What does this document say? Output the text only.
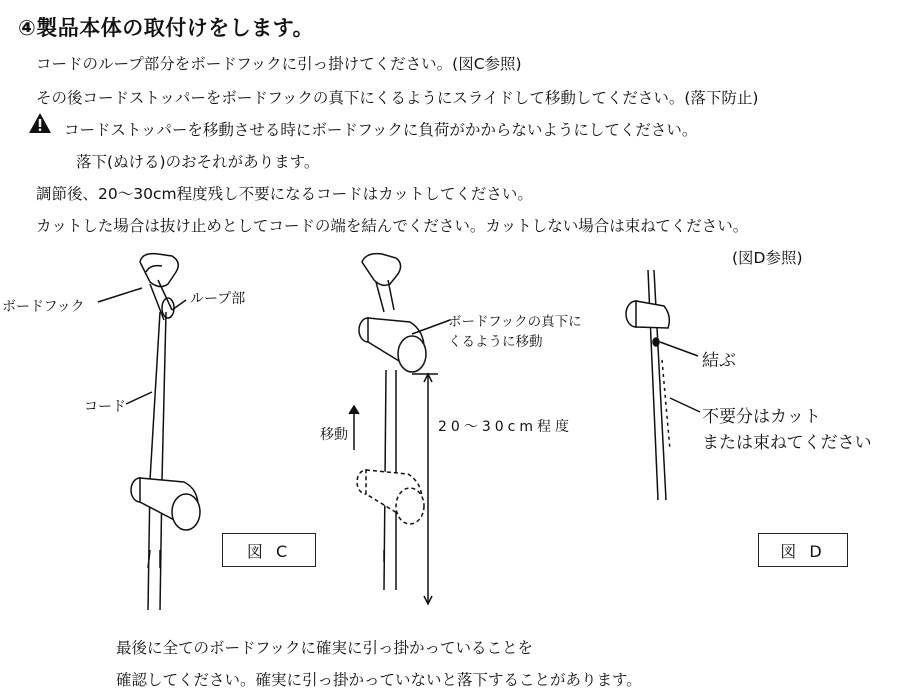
④製品本体の取付けをします。
コードのループ部分をボードフックに引っ掛けてください。(図C参照)
その後コードストッパーをボードフックの真下にくるようにスライドして移動してください。(落下防止)
コードストッパーを移動させる時にボードフックに負荷がかからないようにしてください。
落下(ぬける)のおそれがあります。
調節後、20～30cm程度残し不要になるコードはカットしてください。
カットした場合は抜け止めとしてコードの端を結んでください。カットしない場合は束ねてください。
(図D参照)
ボードフック	ループ部
コード
図 C
ボードフックの真下に
くるように移動
移動	20～30cm程度
結ぶ
不要分はカット
または束ねてください
図 D
最後に全てのボードフックに確実に引っ掛かっていることを
確認してください。確実に引っ掛かっていないと落下することがあります。
